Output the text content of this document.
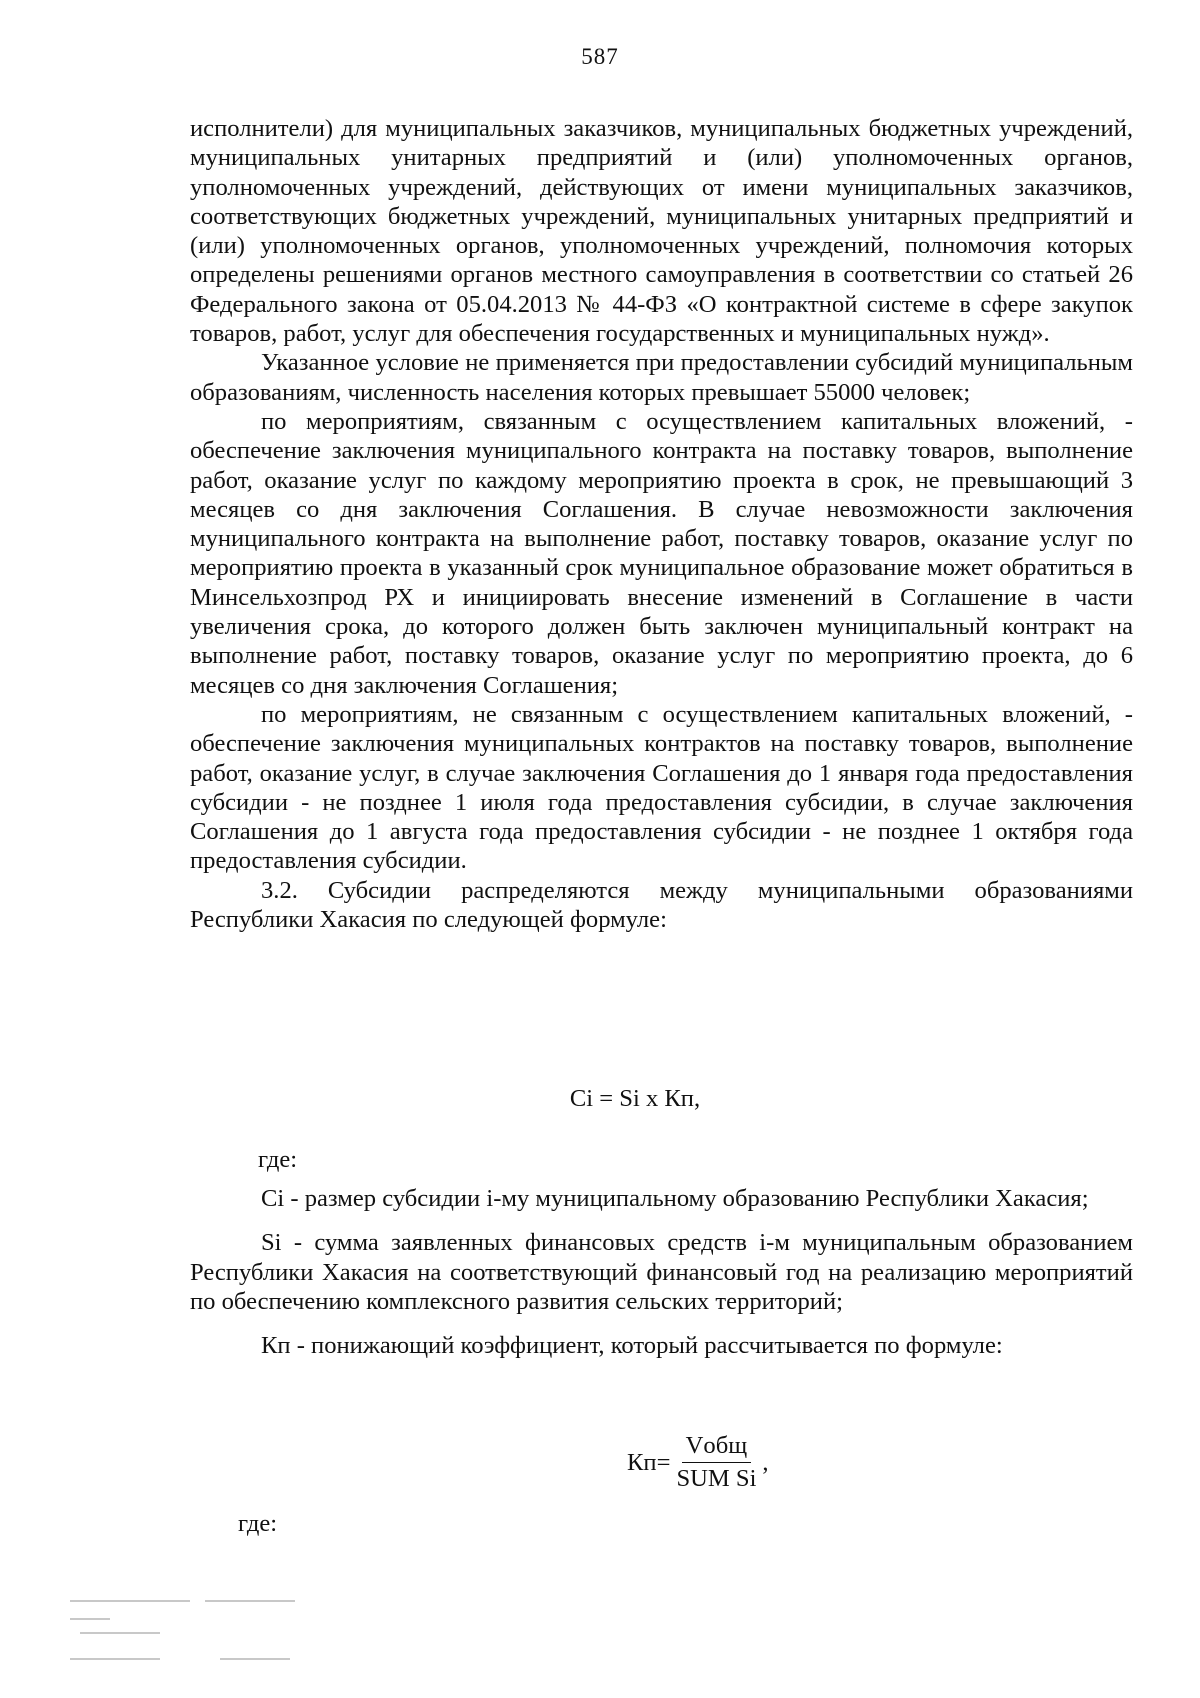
587

исполнители) для муниципальных заказчиков, муниципальных бюджетных учреждений, муниципальных унитарных предприятий и (или) уполномоченных органов, уполномоченных учреждений, действующих от имени муниципальных заказчиков, соответствующих бюджетных учреждений, муниципальных унитарных предприятий и (или) уполномоченных органов, уполномоченных учреждений, полномочия которых определены решениями органов местного самоуправления в соответствии со статьей 26 Федерального закона от 05.04.2013 № 44-ФЗ «О контрактной системе в сфере закупок товаров, работ, услуг для обеспечения государственных и муниципальных нужд».

Указанное условие не применяется при предоставлении субсидий муниципальным образованиям, численность населения которых превышает 55000 человек;

по мероприятиям, связанным с осуществлением капитальных вложений, - обеспечение заключения муниципального контракта на поставку товаров, выполнение работ, оказание услуг по каждому мероприятию проекта в срок, не превышающий 3 месяцев со дня заключения Соглашения. В случае невозможности заключения муниципального контракта на выполнение работ, поставку товаров, оказание услуг по мероприятию проекта в указанный срок муниципальное образование может обратиться в Минсельхозпрод РХ и инициировать внесение изменений в Соглашение в части увеличения срока, до которого должен быть заключен муниципальный контракт на выполнение работ, поставку товаров, оказание услуг по мероприятию проекта, до 6 месяцев со дня заключения Соглашения;

по мероприятиям, не связанным с осуществлением капитальных вложений, - обеспечение заключения муниципальных контрактов на поставку товаров, выполнение работ, оказание услуг, в случае заключения Соглашения до 1 января года предоставления субсидии - не позднее 1 июля года предоставления субсидии, в случае заключения Соглашения до 1 августа года предоставления субсидии - не позднее 1 октября года предоставления субсидии.

3.2. Субсидии распределяются между муниципальными образованиями Республики Хакасия по следующей формуле:

Ci = Si x Кп,
где:

Ci - размер субсидии i-му муниципальному образованию Республики Хакасия;

Si - сумма заявленных финансовых средств i-м муниципальным образованием Республики Хакасия на соответствующий финансовый год на реализацию мероприятий по обеспечению комплексного развития сельских территорий;

Кп - понижающий коэффициент, который рассчитывается по формуле:

$Кп= \frac{\text{Vобщ}}{\text{SUM Si}}$ ,
где:
